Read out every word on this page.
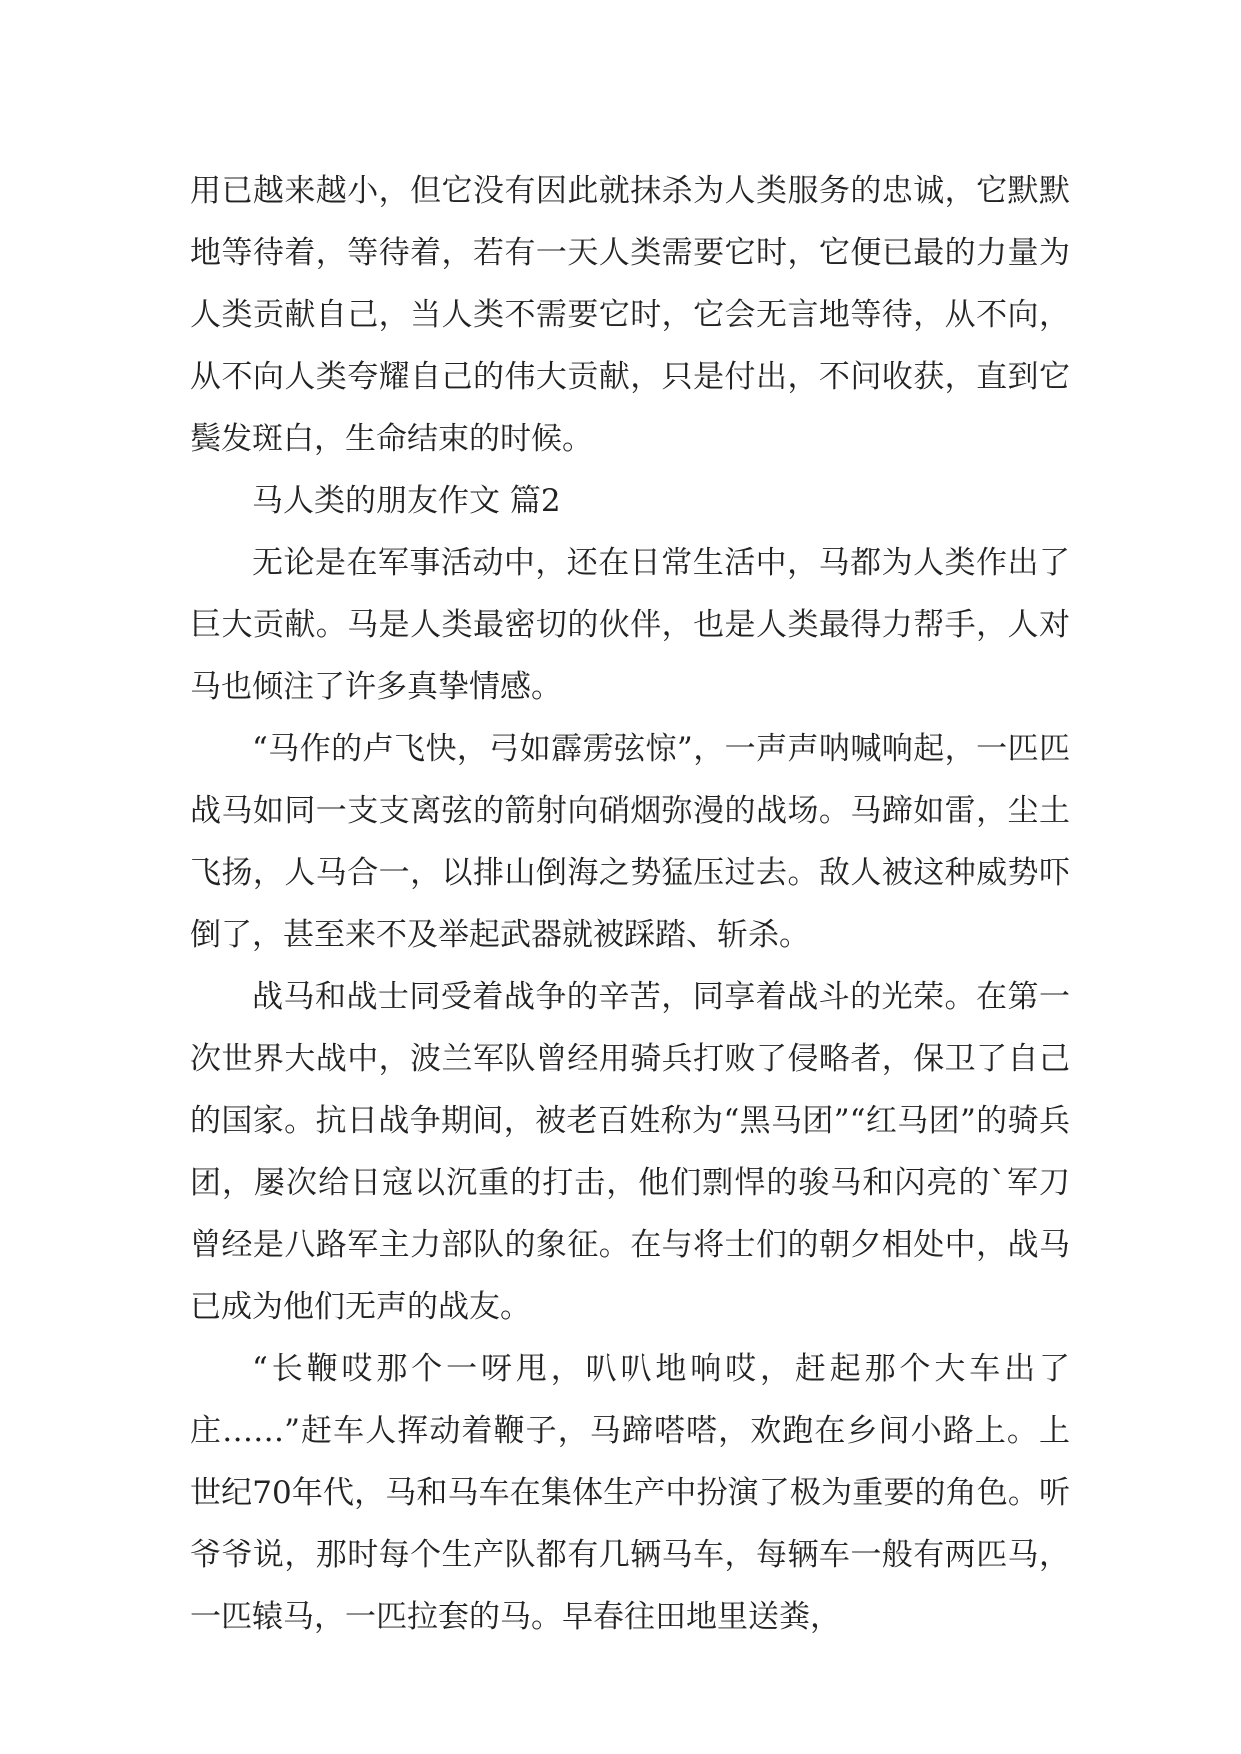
用已越来越小，但它没有因此就抹杀为人类服务的忠诚，它默默地等待着，等待着，若有一天人类需要它时，它便已最的力量为人类贡献自己，当人类不需要它时，它会无言地等待，从不向，从不向人类夸耀自己的伟大贡献，只是付出，不问收获，直到它鬓发斑白，生命结束的时候。

马人类的朋友作文 篇2

无论是在军事活动中，还在日常生活中，马都为人类作出了巨大贡献。马是人类最密切的伙伴，也是人类最得力帮手，人对马也倾注了许多真挚情感。

“马作的卢飞快，弓如霹雳弦惊”，一声声呐喊响起，一匹匹战马如同一支支离弦的箭射向硝烟弥漫的战场。马蹄如雷，尘土飞扬，人马合一，以排山倒海之势猛压过去。敌人被这种威势吓倒了，甚至来不及举起武器就被踩踏、斩杀。

战马和战士同受着战争的辛苦，同享着战斗的光荣。在第一次世界大战中，波兰军队曾经用骑兵打败了侵略者，保卫了自己的国家。抗日战争期间，被老百姓称为“黑马团”“红马团”的骑兵团，屡次给日寇以沉重的打击，他们剽悍的骏马和闪亮的`军刀曾经是八路军主力部队的象征。在与将士们的朝夕相处中，战马已成为他们无声的战友。

“长鞭哎那个一呀甩，叭叭地响哎，赶起那个大车出了庄……”赶车人挥动着鞭子，马蹄嗒嗒，欢跑在乡间小路上。上世纪70年代，马和马车在集体生产中扮演了极为重要的角色。听爷爷说，那时每个生产队都有几辆马车，每辆车一般有两匹马，一匹辕马，一匹拉套的马。早春往田地里送粪，
